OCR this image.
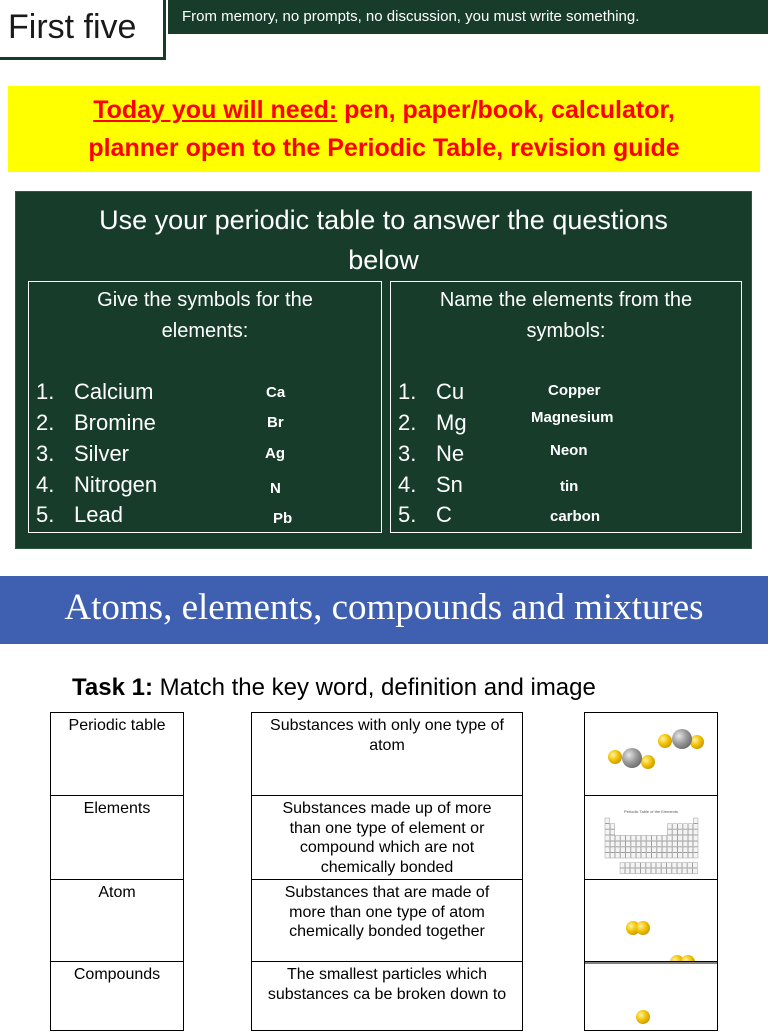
First five	From memory, no prompts, no discussion, you must write something.
Today you will need: pen, paper/book, calculator,
planner open to the Periodic Table, revision guide
Use your periodic table to answer the questions
below
Give the symbols for the
elements:
Name the elements from the
symbols:
1. Calcium
2. Bromine
3. Silver
4. Nitrogen
5. Lead
Ca
Br
Ag
N
Pb
1. Cu
2. Mg
3. Ne
4. Sn
5. C
Copper
Magnesium
Neon
tin
carbon
Atoms, elements, compounds and mixtures
Task 1: Match the key word, definition and image
Periodic table
Elements
Atom
Compounds
Substances with only one type of atom
Substances made up of more than one type of element or compound which are not chemically bonded
Substances that are made of more than one type of atom chemically bonded together
The smallest particles which substances ca be broken down to
Periodic Table of the Elements
